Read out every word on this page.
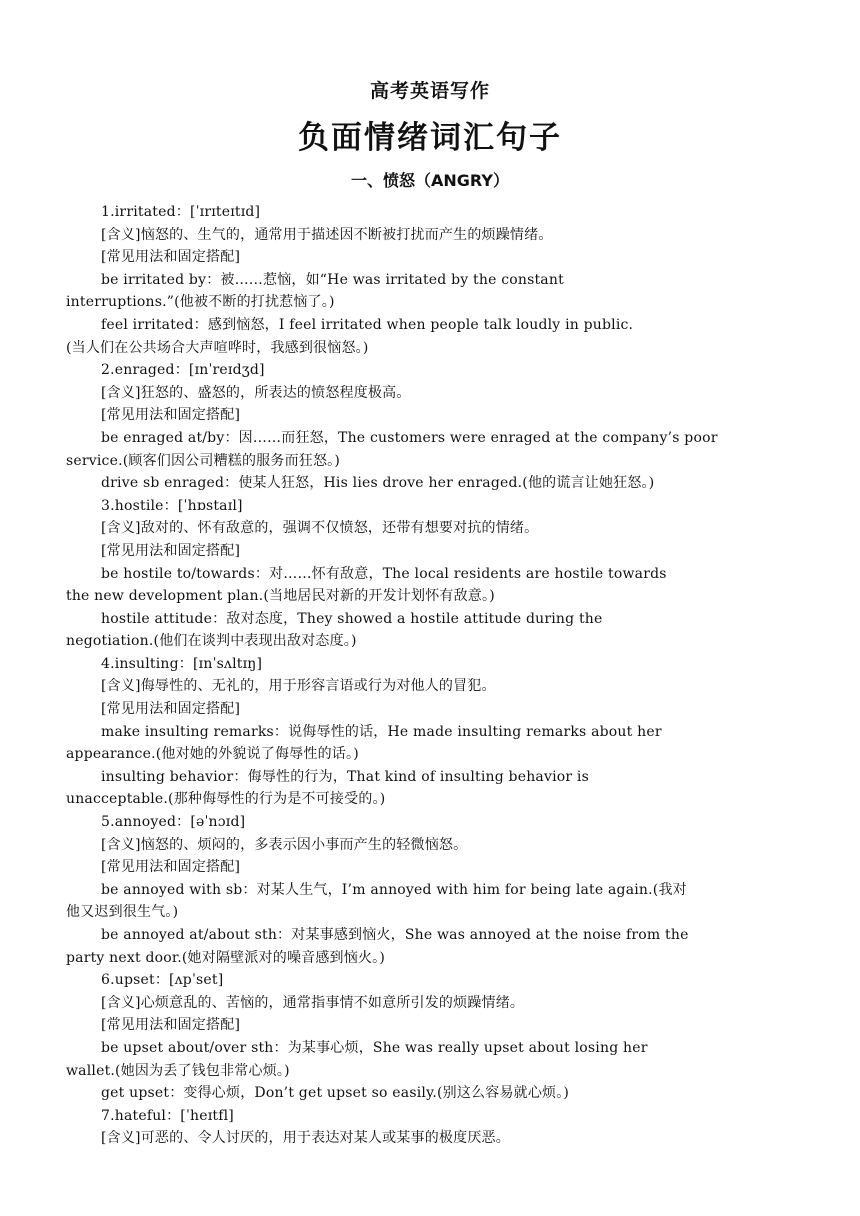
高考英语写作
负面情绪词汇句子
一、愤怒（ANGRY）
1.irritated：[ˈɪrɪteɪtɪd]
[含义]恼怒的、生气的，通常用于描述因不断被打扰而产生的烦躁情绪。
[常见用法和固定搭配]
be irritated by：被……惹恼，如“He was irritated by the constant
interruptions.”(他被不断的打扰惹恼了。)
feel irritated：感到恼怒，I feel irritated when people talk loudly in public.
(当人们在公共场合大声喧哗时，我感到很恼怒。)
2.enraged：[ɪnˈreɪdʒd]
[含义]狂怒的、盛怒的，所表达的愤怒程度极高。
[常见用法和固定搭配]
be enraged at/by：因……而狂怒，The customers were enraged at the company’s poor
service.(顾客们因公司糟糕的服务而狂怒。)
drive sb enraged：使某人狂怒，His lies drove her enraged.(他的谎言让她狂怒。)
3.hostile：[ˈhɒstaɪl]
[含义]敌对的、怀有敌意的，强调不仅愤怒，还带有想要对抗的情绪。
[常见用法和固定搭配]
be hostile to/towards：对……怀有敌意，The local residents are hostile towards
the new development plan.(当地居民对新的开发计划怀有敌意。)
hostile attitude：敌对态度，They showed a hostile attitude during the
negotiation.(他们在谈判中表现出敌对态度。)
4.insulting：[ɪnˈsʌltɪŋ]
[含义]侮辱性的、无礼的，用于形容言语或行为对他人的冒犯。
[常见用法和固定搭配]
make insulting remarks：说侮辱性的话，He made insulting remarks about her
appearance.(他对她的外貌说了侮辱性的话。)
insulting behavior：侮辱性的行为，That kind of insulting behavior is
unacceptable.(那种侮辱性的行为是不可接受的。)
5.annoyed：[əˈnɔɪd]
[含义]恼怒的、烦闷的，多表示因小事而产生的轻微恼怒。
[常见用法和固定搭配]
be annoyed with sb：对某人生气，I’m annoyed with him for being late again.(我对
他又迟到很生气。)
be annoyed at/about sth：对某事感到恼火，She was annoyed at the noise from the
party next door.(她对隔壁派对的噪音感到恼火。)
6.upset：[ʌpˈset]
[含义]心烦意乱的、苦恼的，通常指事情不如意所引发的烦躁情绪。
[常见用法和固定搭配]
be upset about/over sth：为某事心烦，She was really upset about losing her
wallet.(她因为丢了钱包非常心烦。)
get upset：变得心烦，Don’t get upset so easily.(别这么容易就心烦。)
7.hateful：[ˈheɪtfl]
[含义]可恶的、令人讨厌的，用于表达对某人或某事的极度厌恶。
